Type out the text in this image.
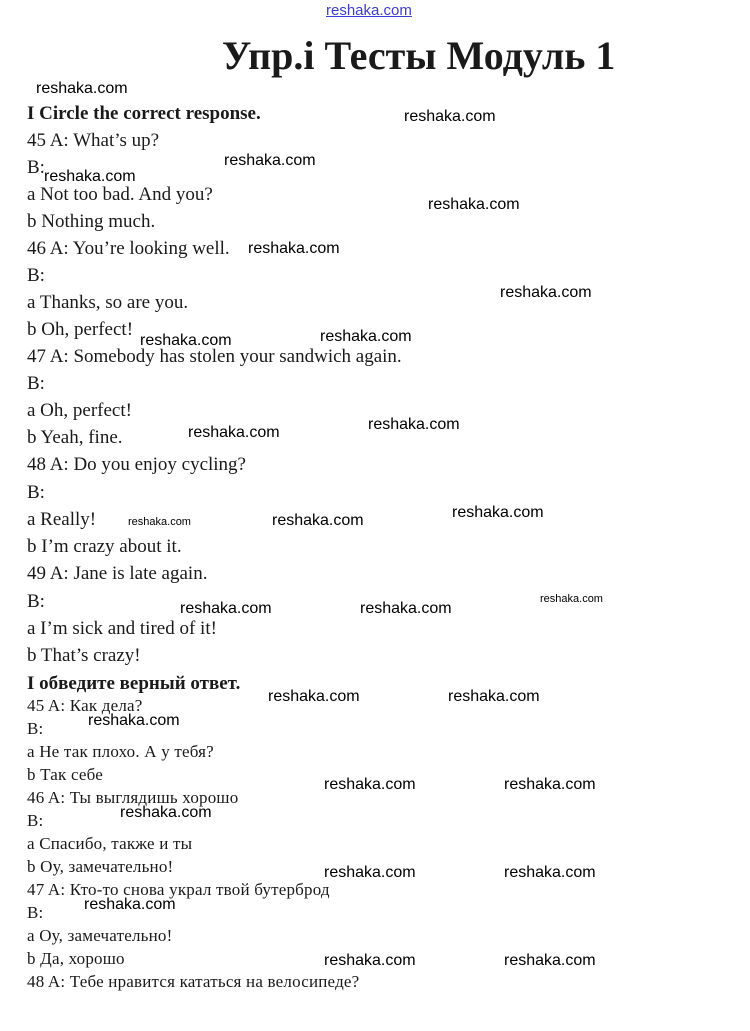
reshaka.com
Упр.i Тесты Модуль 1
I Circle the correct response.
45 A: What’s up?
B:
a Not too bad. And you?
b Nothing much.
46 A: You’re looking well.
B:
a Thanks, so are you.
b Oh, perfect!
47 A: Somebody has stolen your sandwich again.
B:
a Oh, perfect!
b Yeah, fine.
48 A: Do you enjoy cycling?
B:
a Really!
b I’m crazy about it.
49 A: Jane is late again.
B:
a I’m sick and tired of it!
b That’s crazy!
I обведите верный ответ.
45 A: Как дела?
B:
a Не так плохо. А у тебя?
b Так себе
46 A: Ты выглядишь хорошо
B:
a Спасибо, также и ты
b Оу, замечательно!
47 A: Кто-то снова украл твой бутерброд
B:
a Оу, замечательно!
b Да, хорошо
48 A: Тебе нравится кататься на велосипеде?
reshaka.com
reshaka.com
reshaka.com
reshaka.com
reshaka.com
reshaka.com
reshaka.com
reshaka.com	reshaka.com
reshaka.com	reshaka.com
reshaka.com	reshaka.com	reshaka.com
reshaka.com
reshaka.com	reshaka.com
reshaka.com	reshaka.com
reshaka.com
reshaka.com	reshaka.com
reshaka.com
reshaka.com	reshaka.com
reshaka.com
reshaka.com	reshaka.com
